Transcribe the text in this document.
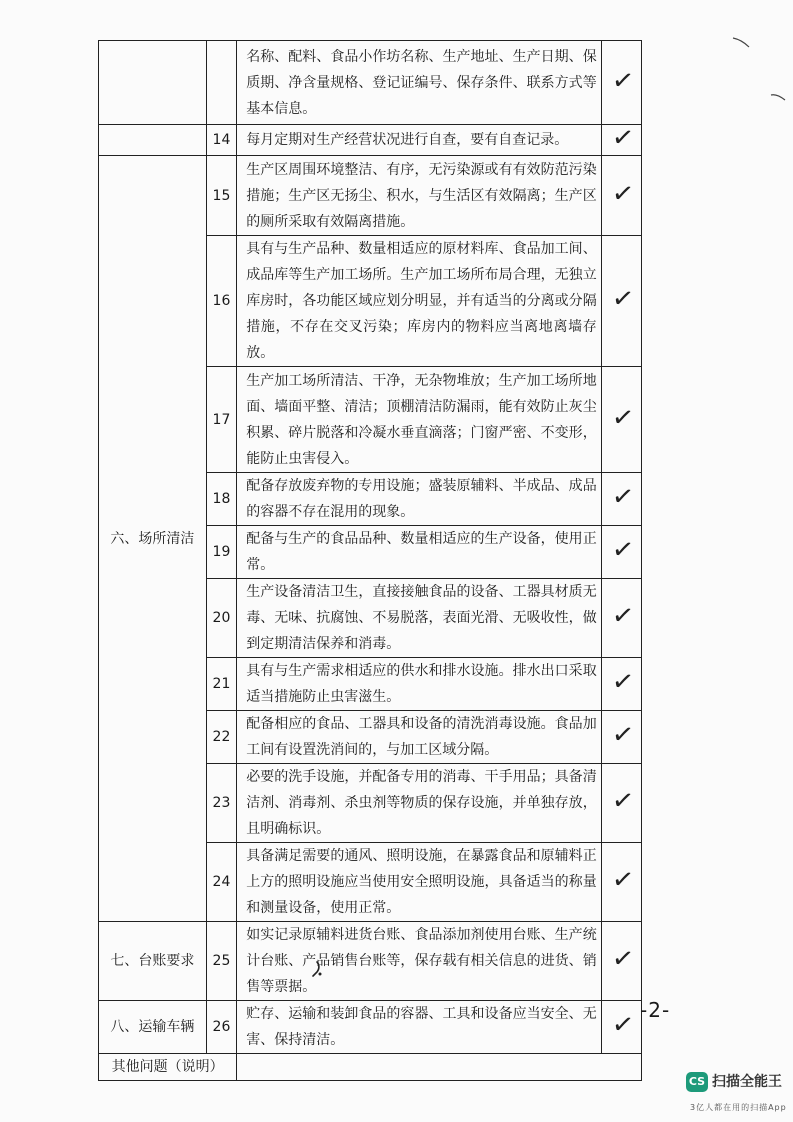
		名称、配料、食品小作坊名称、生产地址、生产日期、保质期、净含量规格、登记证编号、保存条件、联系方式等基本信息。	✓
	14	每月定期对生产经营状况进行自查，要有自查记录。	✓
六、场所清洁	15	生产区周围环境整洁、有序，无污染源或有有效防范污染措施；生产区无扬尘、积水，与生活区有效隔离；生产区的厕所采取有效隔离措施。	✓
	16	具有与生产品种、数量相适应的原材料库、食品加工间、成品库等生产加工场所。生产加工场所布局合理，无独立库房时，各功能区域应划分明显，并有适当的分离或分隔措施，不存在交叉污染；库房内的物料应当离地离墙存放。	✓
	17	生产加工场所清洁、干净，无杂物堆放；生产加工场所地面、墙面平整、清洁；顶棚清洁防漏雨，能有效防止灰尘积累、碎片脱落和冷凝水垂直滴落；门窗严密、不变形，能防止虫害侵入。	✓
	18	配备存放废弃物的专用设施；盛装原辅料、半成品、成品的容器不存在混用的现象。	✓
	19	配备与生产的食品品种、数量相适应的生产设备，使用正常。	✓
	20	生产设备清洁卫生，直接接触食品的设备、工器具材质无毒、无味、抗腐蚀、不易脱落，表面光滑、无吸收性，做到定期清洁保养和消毒。	✓
	21	具有与生产需求相适应的供水和排水设施。排水出口采取适当措施防止虫害滋生。	✓
	22	配备相应的食品、工器具和设备的清洗消毒设施。食品加工间有设置洗消间的，与加工区域分隔。	✓
	23	必要的洗手设施，并配备专用的消毒、干手用品；具备清洁剂、消毒剂、杀虫剂等物质的保存设施，并单独存放，且明确标识。	✓
	24	具备满足需要的通风、照明设施，在暴露食品和原辅料正上方的照明设施应当使用安全照明设施，具备适当的称量和测量设备，使用正常。	✓
七、台账要求	25	如实记录原辅料进货台账、食品添加剂使用台账、生产统计台账、产品销售台账等，保存载有相关信息的进货、销售等票据。	✓
八、运输车辆	26	贮存、运输和装卸食品的容器、工具和设备应当安全、无害、保持清洁。	✓
其他问题（说明）			
-2-
CS 扫描全能王
3亿人都在用的扫描App
